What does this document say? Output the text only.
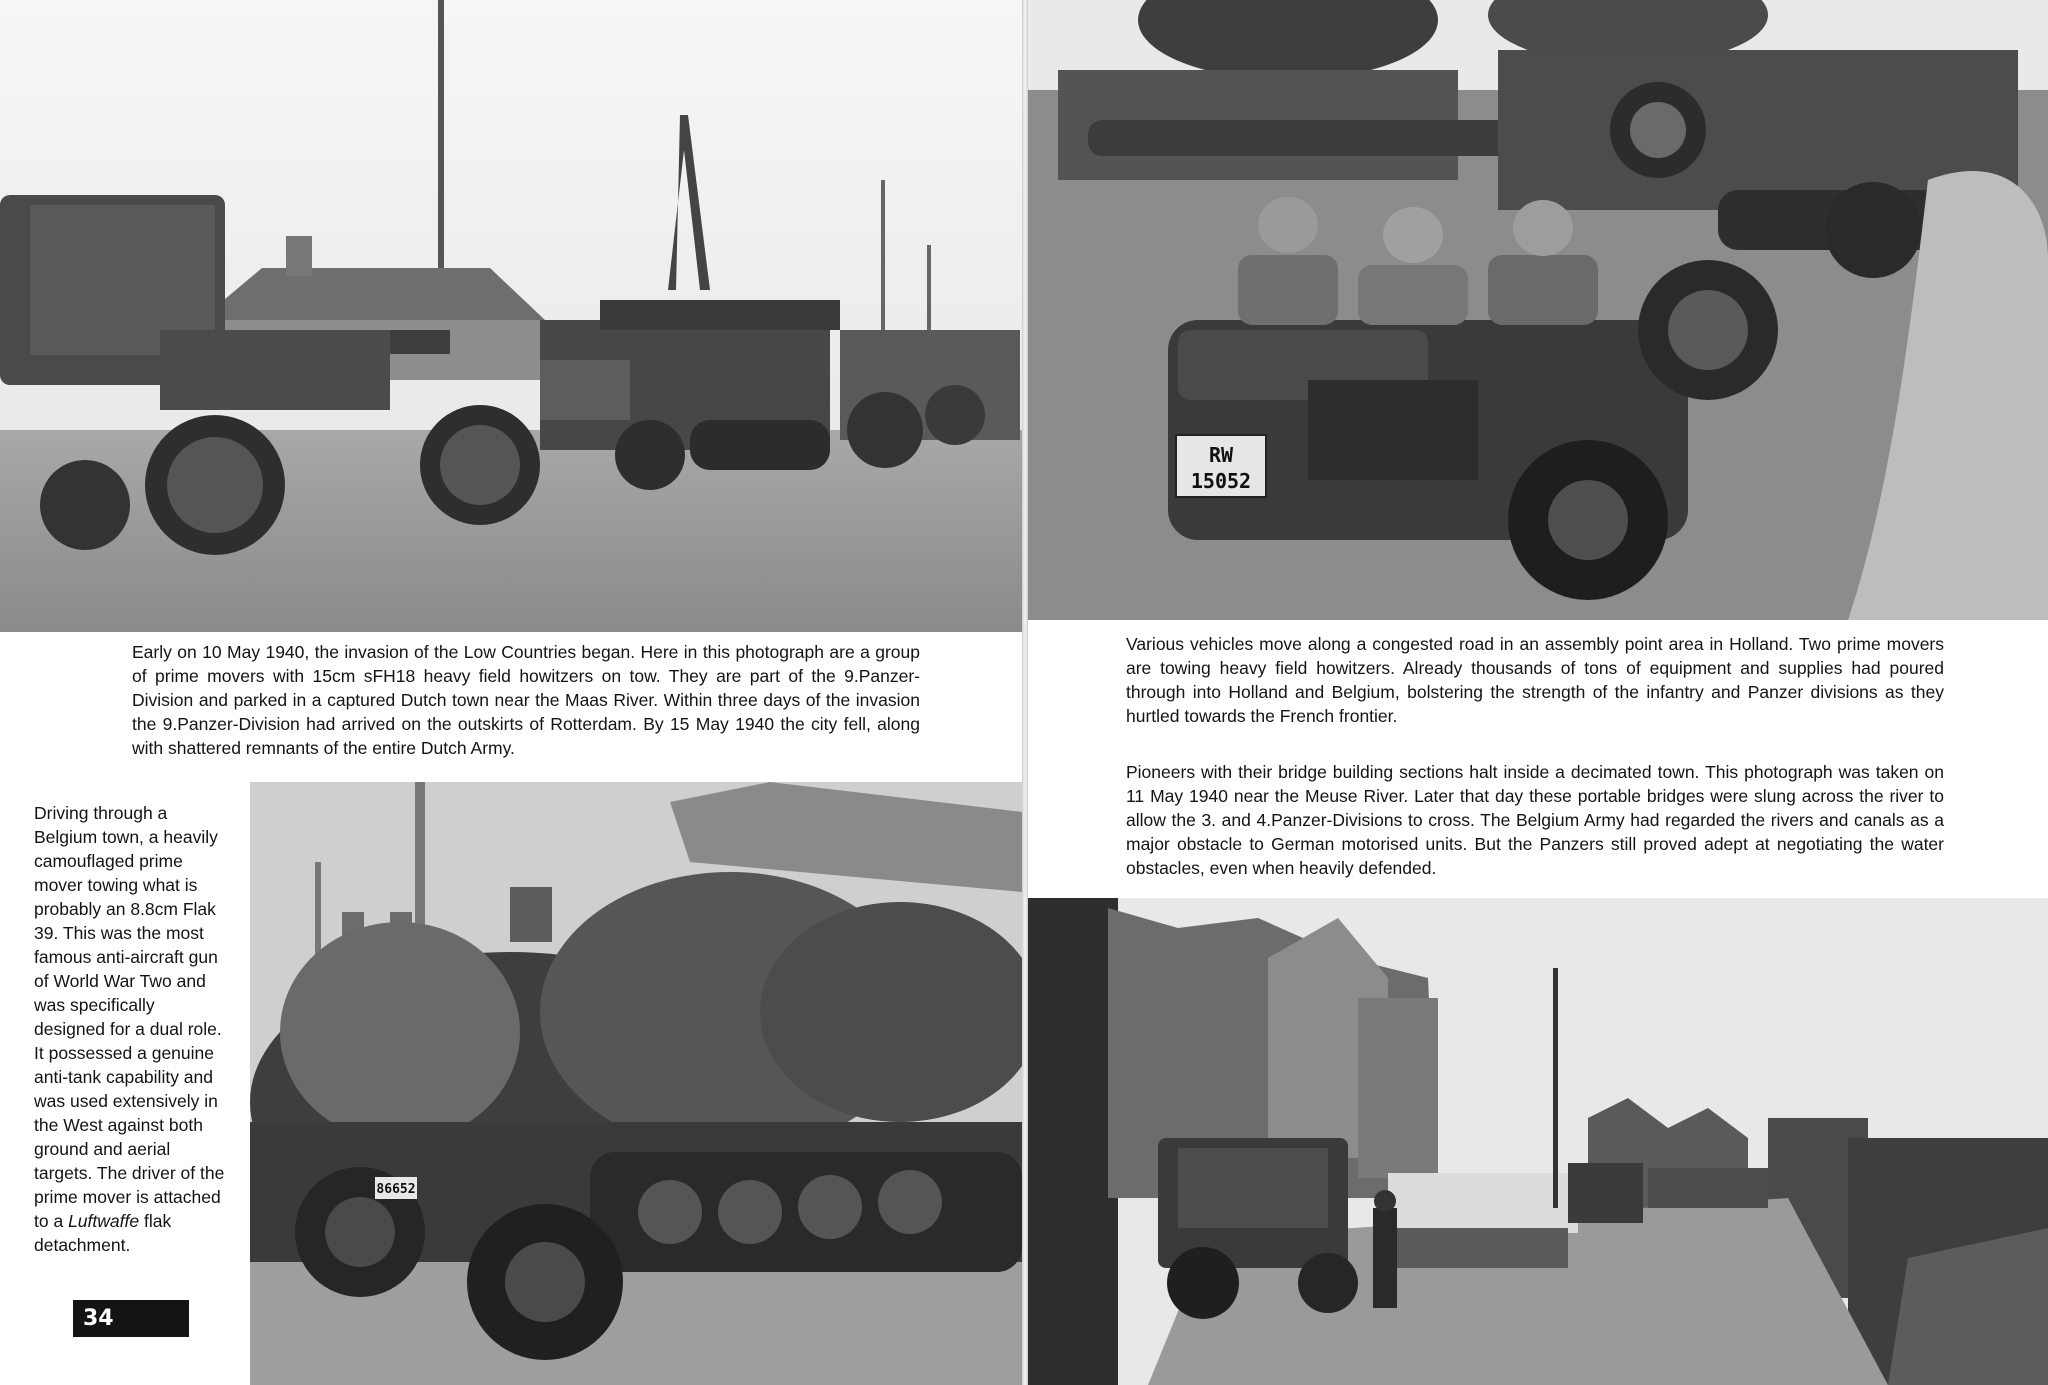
Early on 10 May 1940, the invasion of the Low Countries began. Here in this photograph are a group of prime movers with 15cm sFH18 heavy field howitzers on tow. They are part of the 9.Panzer-Division and parked in a captured Dutch town near the Maas River. Within three days of the invasion the 9.Panzer-Division had arrived on the outskirts of Rotterdam. By 15 May 1940 the city fell, along with shattered remnants of the entire Dutch Army.

Driving through a Belgium town, a heavily camouflaged prime mover towing what is probably an 8.8cm Flak 39. This was the most famous anti-aircraft gun of World War Two and was specifically designed for a dual role. It possessed a genuine anti-tank capability and was used extensively in the West against both ground and aerial targets. The driver of the prime mover is attached to a Luftwaffe flak detachment.

86652
34
RW
15052

Various vehicles move along a congested road in an assembly point area in Holland. Two prime movers are towing heavy field howitzers. Already thousands of tons of equipment and supplies had poured through into Holland and Belgium, bolstering the strength of the infantry and Panzer divisions as they hurtled towards the French frontier.

Pioneers with their bridge building sections halt inside a decimated town. This photograph was taken on 11 May 1940 near the Meuse River. Later that day these portable bridges were slung across the river to allow the 3. and 4.Panzer-Divisions to cross. The Belgium Army had regarded the rivers and canals as a major obstacle to German motorised units. But the Panzers still proved adept at negotiating the water obstacles, even when heavily defended.
